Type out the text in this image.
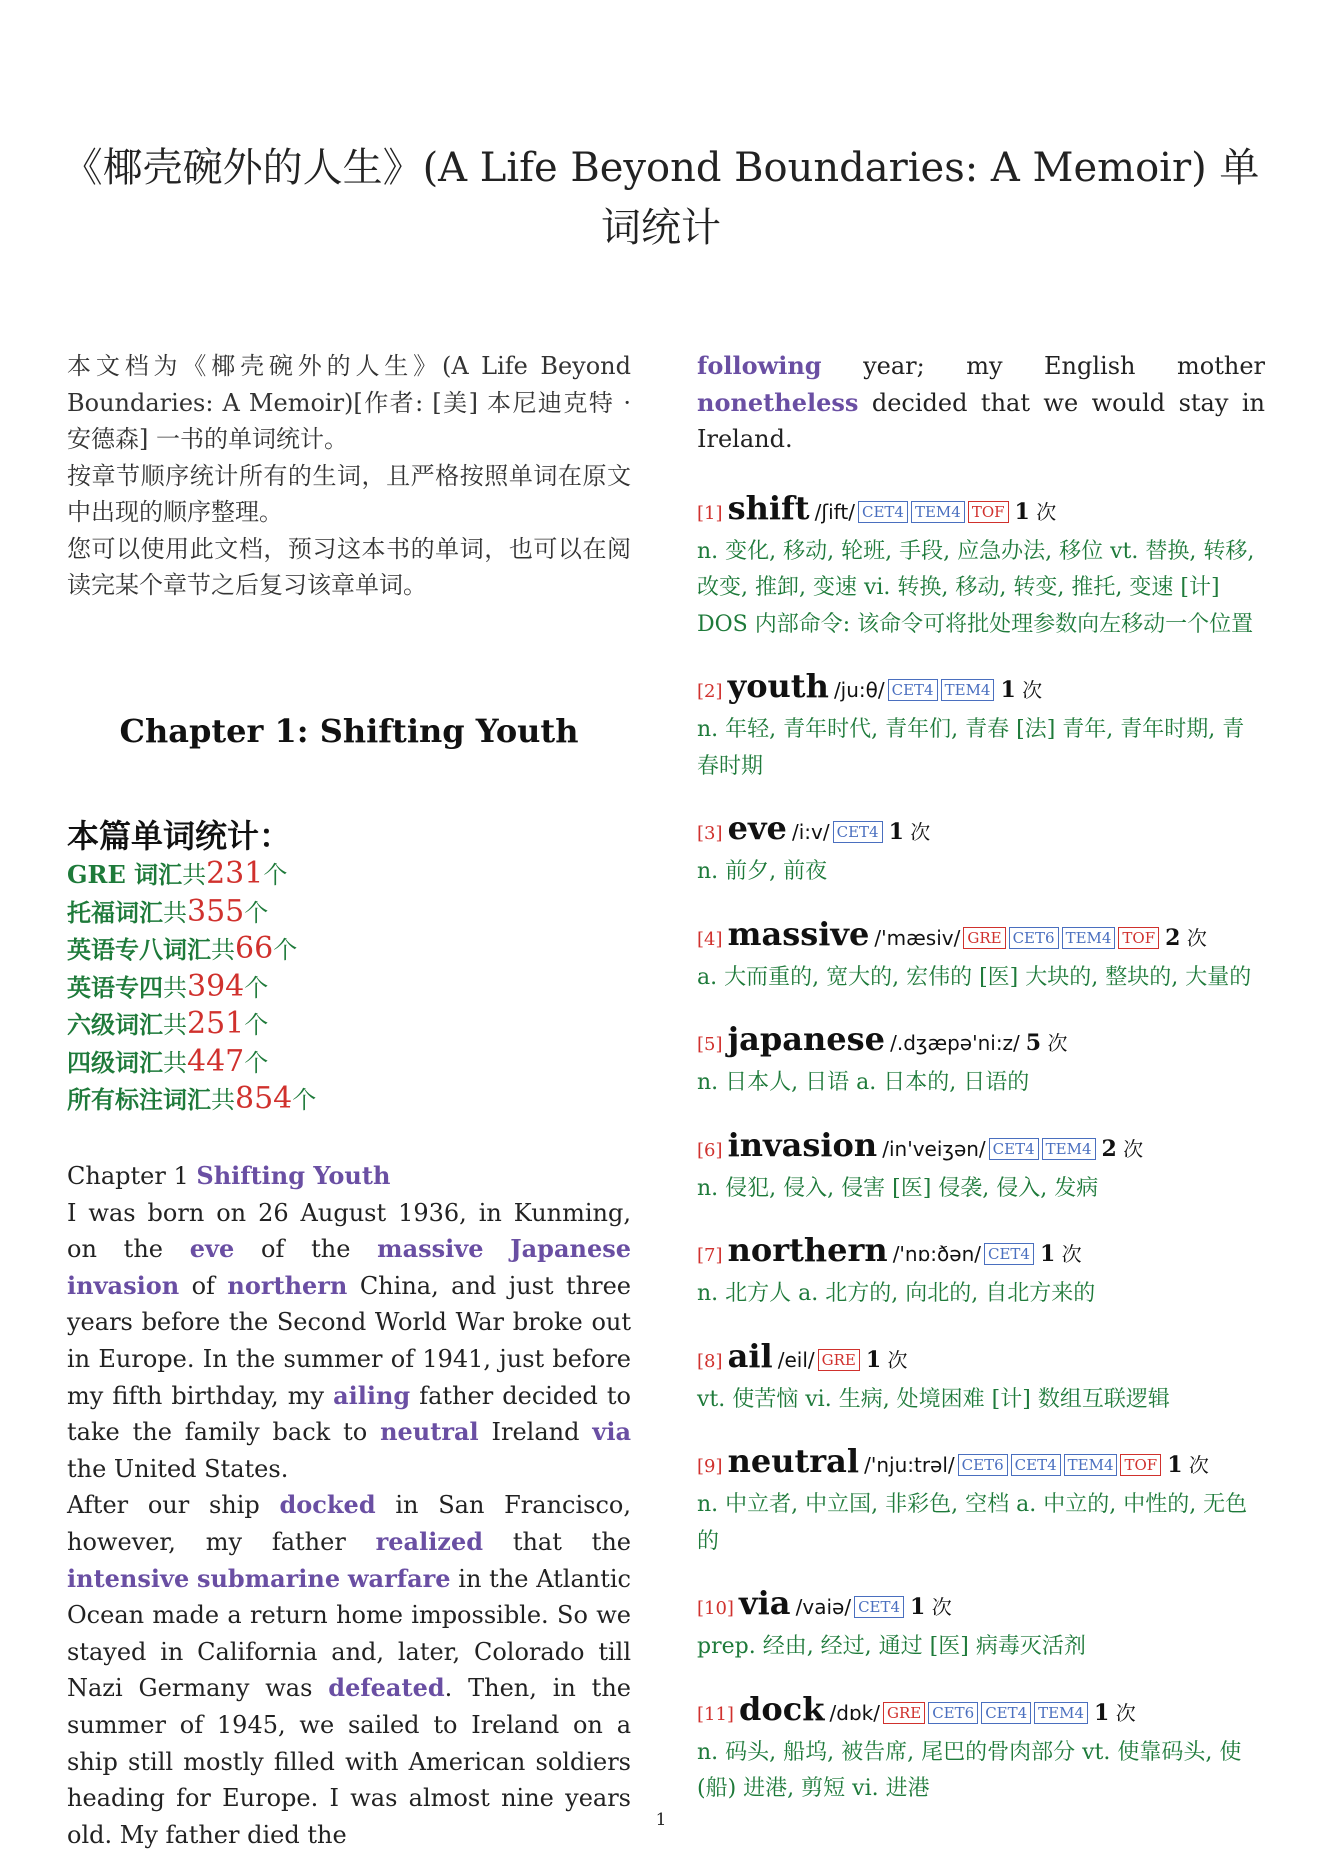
《椰壳碗外的人生》(A Life Beyond Boundaries: A Memoir) 单词统计

本文档为《椰壳碗外的人生》(A Life Beyond Boundaries: A Memoir)[作者: [美] 本尼迪克特 · 安德森] 一书的单词统计。

按章节顺序统计所有的生词，且严格按照单词在原文中出现的顺序整理。

您可以使用此文档，预习这本书的单词，也可以在阅读完某个章节之后复习该章单词。

Chapter 1: Shifting Youth

本篇单词统计：

GRE 词汇共231个

托福词汇共355个

英语专八词汇共66个

英语专四共394个

六级词汇共251个

四级词汇共447个

所有标注词汇共854个

Chapter 1 Shifting Youth

I was born on 26 August 1936, in Kunming, on the eve of the massive Japanese invasion of northern China, and just three years before the Second World War broke out in Europe. In the summer of 1941, just before my fifth birthday, my ailing father decided to take the family back to neutral Ireland via the United States.

After our ship docked in San Francisco, however, my father realized that the intensive submarine warfare in the Atlantic Ocean made a return home impossible. So we stayed in California and, later, Colorado till Nazi Germany was defeated. Then, in the summer of 1945, we sailed to Ireland on a ship still mostly filled with American soldiers heading for Europe. I was almost nine years old. My father died the

following year; my English mother nonetheless decided that we would stay in Ireland.

[1] shift /ʃift/ CET4 TEM4 TOF 1 次
n. 变化, 移动, 轮班, 手段, 应急办法, 移位 vt. 替换, 转移, 改变, 推卸, 变速 vi. 转换, 移动, 转变, 推托, 变速 [计] DOS 内部命令: 该命令可将批处理参数向左移动一个位置
[2] youth /ju:θ/ CET4 TEM4 1 次
n. 年轻, 青年时代, 青年们, 青春 [法] 青年, 青年时期, 青春时期
[3] eve /i:v/ CET4 1 次
n. 前夕, 前夜
[4] massive /'mæsiv/ GRE CET6 TEM4 TOF 2 次
a. 大而重的, 宽大的, 宏伟的 [医] 大块的, 整块的, 大量的
[5] japanese /.dʒæpə'ni:z/ 5 次
n. 日本人, 日语 a. 日本的, 日语的
[6] invasion /in'veiʒən/ CET4 TEM4 2 次
n. 侵犯, 侵入, 侵害 [医] 侵袭, 侵入, 发病
[7] northern /'nɒ:ðən/ CET4 1 次
n. 北方人 a. 北方的, 向北的, 自北方来的
[8] ail /eil/ GRE 1 次
vt. 使苦恼 vi. 生病, 处境困难 [计] 数组互联逻辑
[9] neutral /'nju:trəl/ CET6 CET4 TEM4 TOF 1 次
n. 中立者, 中立国, 非彩色, 空档 a. 中立的, 中性的, 无色的
[10] via /vaiə/ CET4 1 次
prep. 经由, 经过, 通过 [医] 病毒灭活剂
[11] dock /dɒk/ GRE CET6 CET4 TEM4 1 次
n. 码头, 船坞, 被告席, 尾巴的骨肉部分 vt. 使靠码头, 使 (船) 进港, 剪短 vi. 进港
1
